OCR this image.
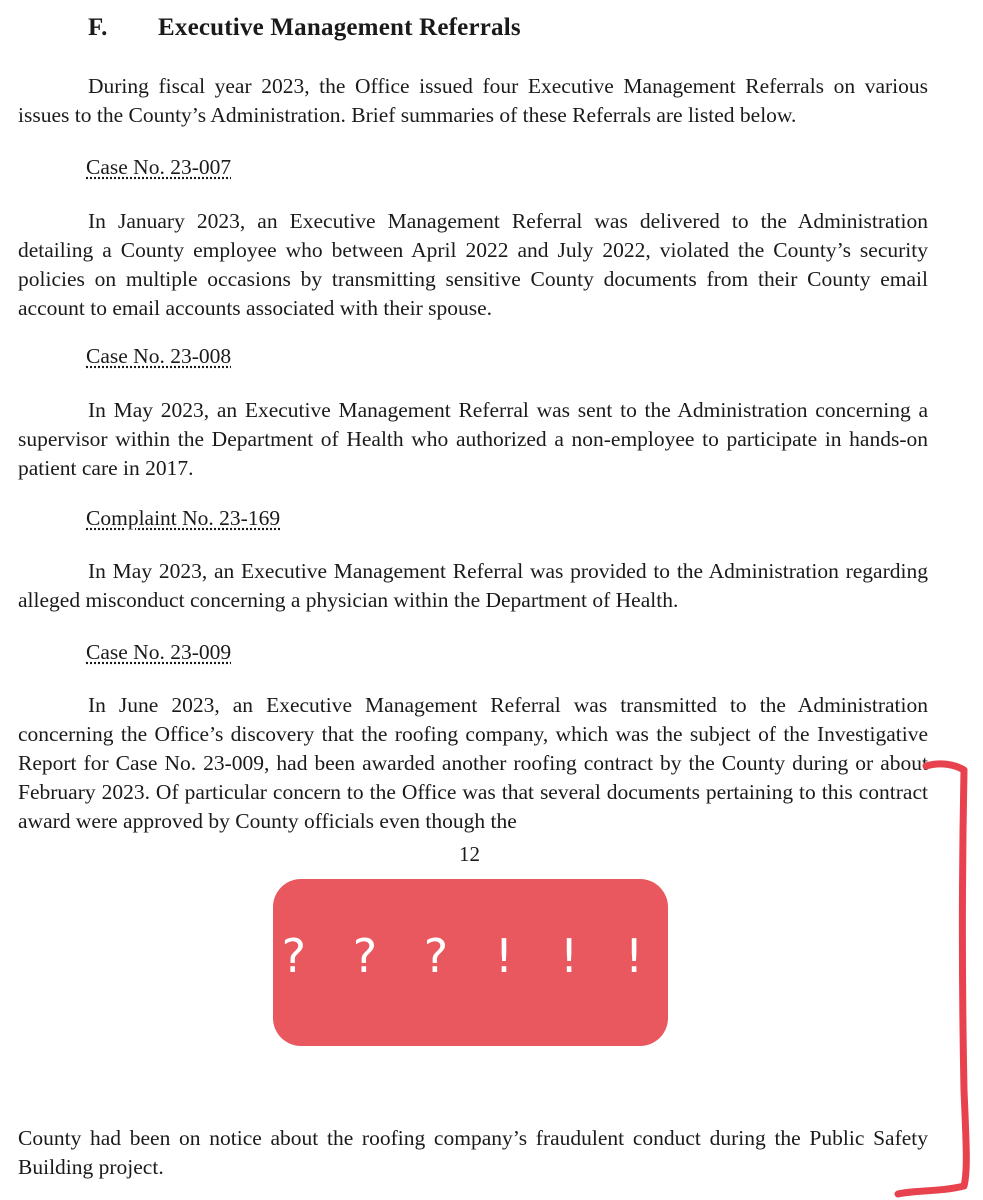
F. Executive Management Referrals

During fiscal year 2023, the Office issued four Executive Management Referrals on various issues to the County’s Administration. Brief summaries of these Referrals are listed below.

Case No. 23-007

In January 2023, an Executive Management Referral was delivered to the Administration detailing a County employee who between April 2022 and July 2022, violated the County’s security policies on multiple occasions by transmitting sensitive County documents from their County email account to email accounts associated with their spouse.

Case No. 23-008

In May 2023, an Executive Management Referral was sent to the Administration concerning a supervisor within the Department of Health who authorized a non-employee to participate in hands-on patient care in 2017.

Complaint No. 23-169

In May 2023, an Executive Management Referral was provided to the Administration regarding alleged misconduct concerning a physician within the Department of Health.

Case No. 23-009

In June 2023, an Executive Management Referral was transmitted to the Administration concerning the Office’s discovery that the roofing company, which was the subject of the Investigative Report for Case No. 23-009, had been awarded another roofing contract by the County during or about February 2023. Of particular concern to the Office was that several documents pertaining to this contract award were approved by County officials even though the

12
? ? ? ! ! !

County had been on notice about the roofing company’s fraudulent conduct during the Public Safety Building project.
